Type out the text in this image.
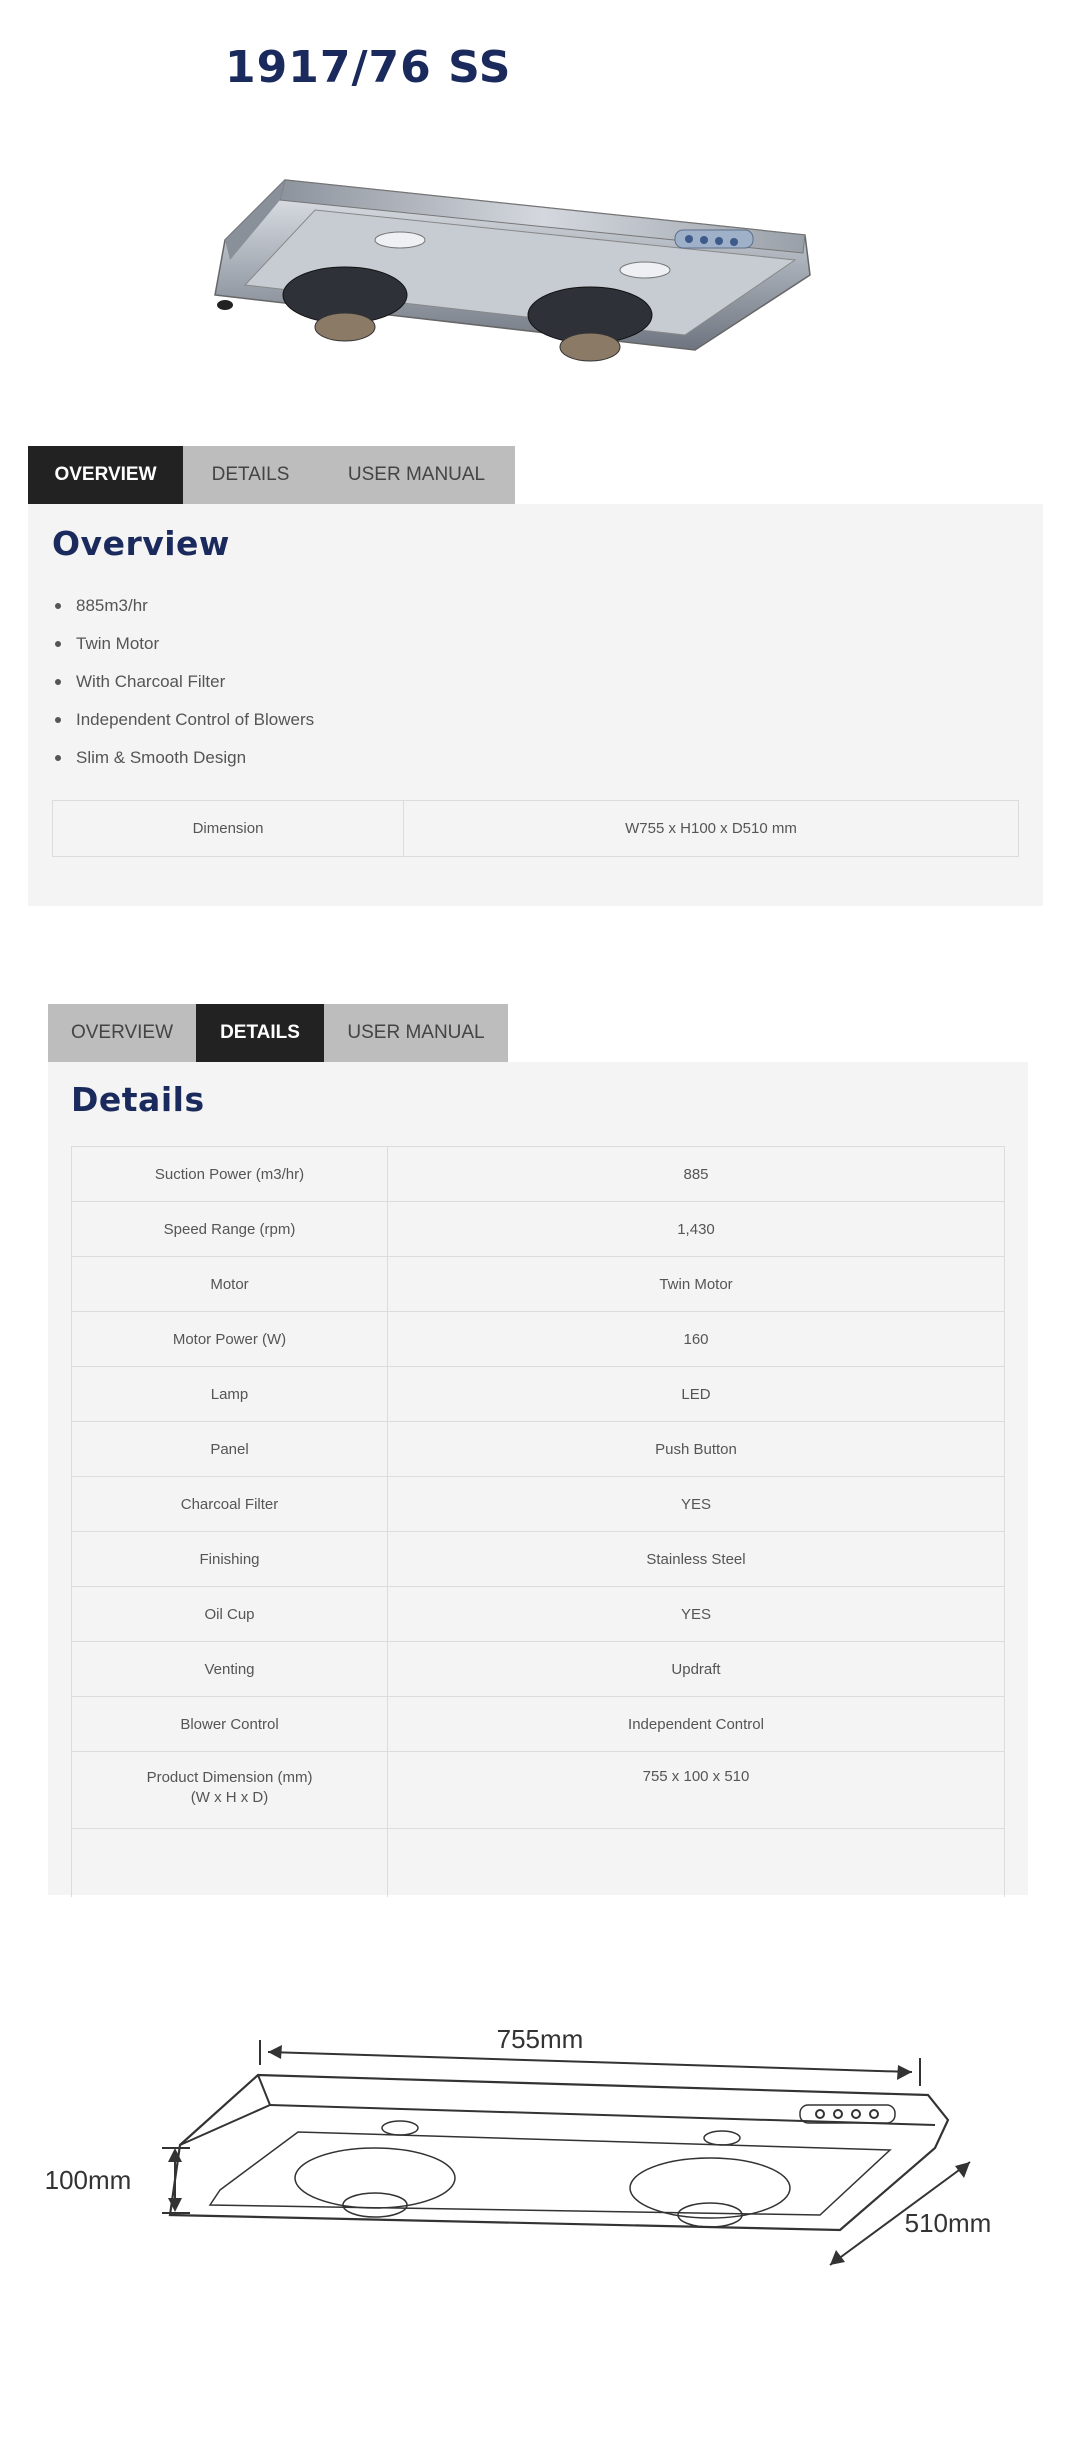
1917/76 SS
OVERVIEW	DETAILS	USER MANUAL
Overview
885m3/hr
Twin Motor
With Charcoal Filter
Independent Control of Blowers
Slim & Smooth Design
Dimension	W755 x H100 x D510 mm
OVERVIEW	DETAILS	USER MANUAL
Details
Suction Power (m3/hr)	885
Speed Range (rpm)	1,430
Motor	Twin Motor
Motor Power (W)	160
Lamp	LED
Panel	Push Button
Charcoal Filter	YES
Finishing	Stainless Steel
Oil Cup	YES
Venting	Updraft
Blower Control	Independent Control
Product Dimension (mm)
(W x H x D)	755 x 100 x 510

755mm
100mm
510mm
